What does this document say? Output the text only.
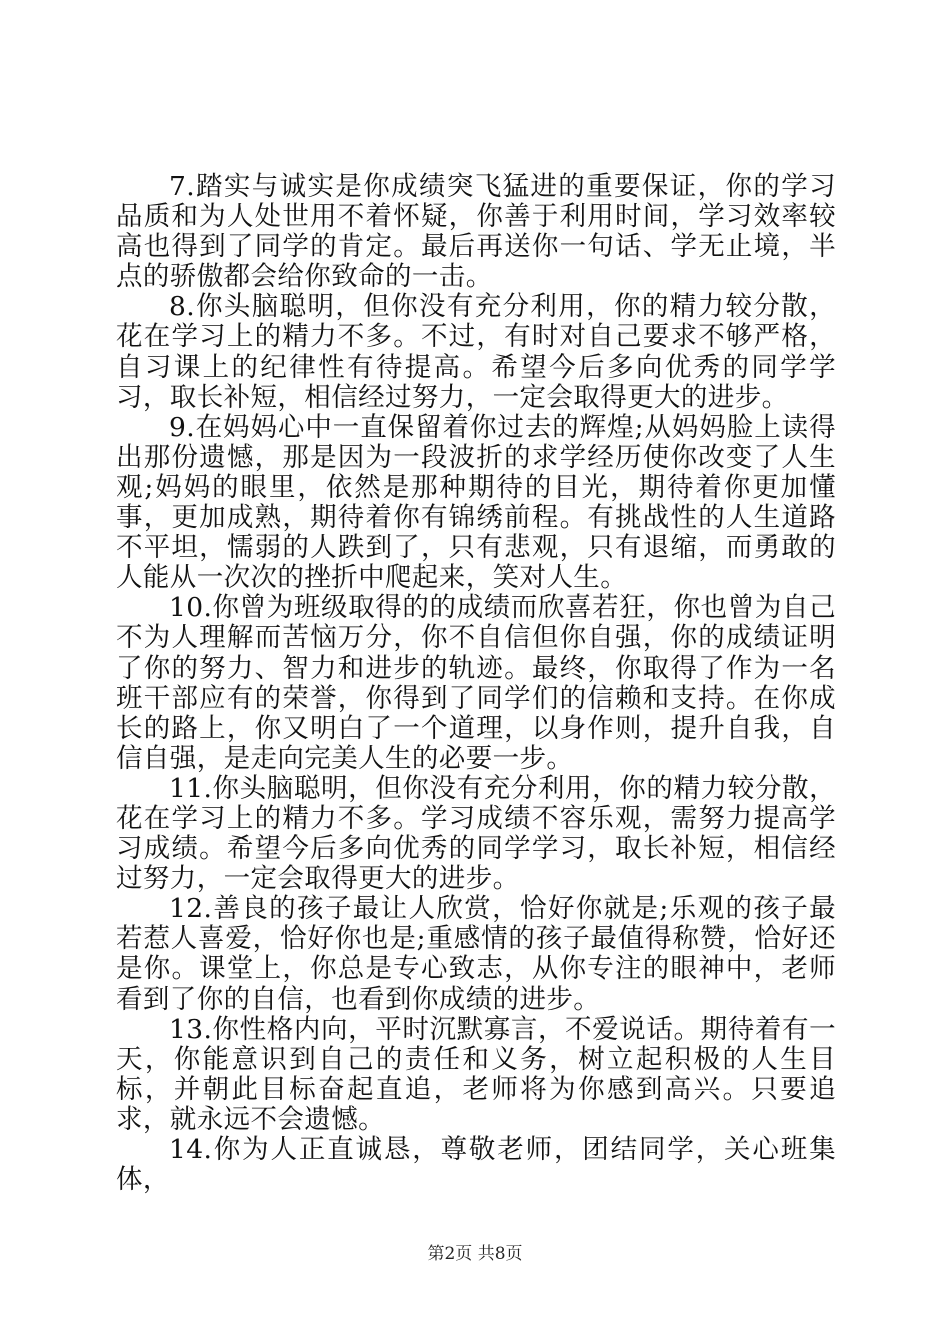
7.踏实与诚实是你成绩突飞猛进的重要保证，你的学习品质和为人处世用不着怀疑，你善于利用时间，学习效率较高也得到了同学的肯定。最后再送你一句话、学无止境，半点的骄傲都会给你致命的一击。

8.你头脑聪明，但你没有充分利用，你的精力较分散，花在学习上的精力不多。不过，有时对自己要求不够严格，自习课上的纪律性有待提高。希望今后多向优秀的同学学习，取长补短，相信经过努力，一定会取得更大的进步。

9.在妈妈心中一直保留着你过去的辉煌;从妈妈脸上读得出那份遗憾，那是因为一段波折的求学经历使你改变了人生观;妈妈的眼里，依然是那种期待的目光，期待着你更加懂事，更加成熟，期待着你有锦绣前程。有挑战性的人生道路不平坦，懦弱的人跌到了，只有悲观，只有退缩，而勇敢的人能从一次次的挫折中爬起来，笑对人生。

10.你曾为班级取得的的成绩而欣喜若狂，你也曾为自己不为人理解而苦恼万分，你不自信但你自强，你的成绩证明了你的努力、智力和进步的轨迹。最终，你取得了作为一名班干部应有的荣誉，你得到了同学们的信赖和支持。在你成长的路上，你又明白了一个道理，以身作则，提升自我，自信自强，是走向完美人生的必要一步。

11.你头脑聪明，但你没有充分利用，你的精力较分散，花在学习上的精力不多。学习成绩不容乐观，需努力提高学习成绩。希望今后多向优秀的同学学习，取长补短，相信经过努力，一定会取得更大的进步。

12.善良的孩子最让人欣赏，恰好你就是;乐观的孩子最若惹人喜爱，恰好你也是;重感情的孩子最值得称赞，恰好还是你。课堂上，你总是专心致志，从你专注的眼神中，老师看到了你的自信，也看到你成绩的进步。

13.你性格内向，平时沉默寡言，不爱说话。期待着有一天，你能意识到自己的责任和义务，树立起积极的人生目标，并朝此目标奋起直追，老师将为你感到高兴。只要追求，就永远不会遗憾。

14.你为人正直诚恳，尊敬老师，团结同学，关心班集体，

第2页 共8页
